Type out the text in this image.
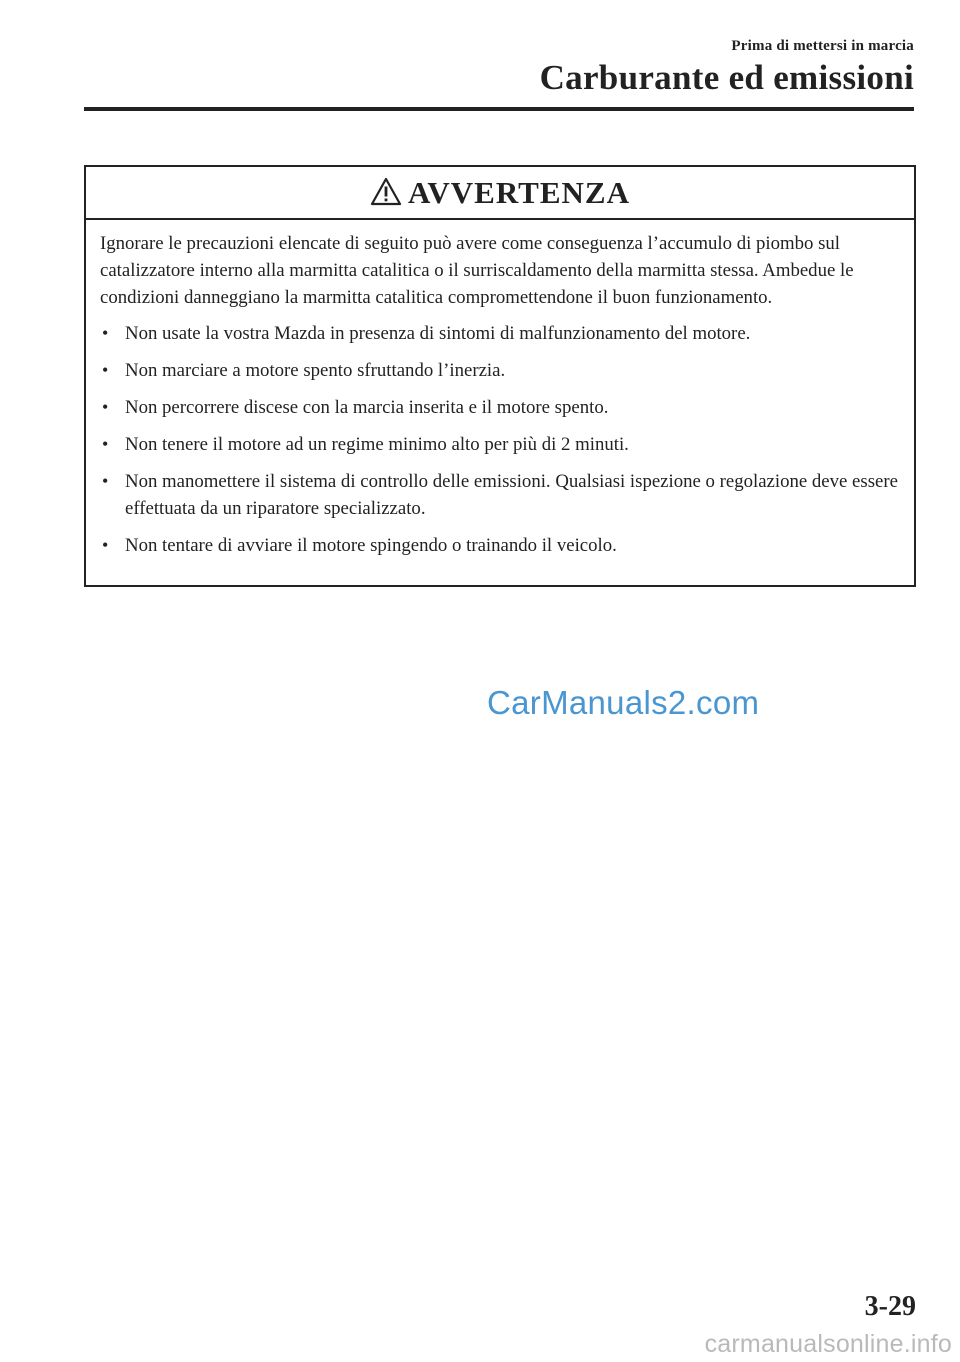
Prima di mettersi in marcia
Carburante ed emissioni
AVVERTENZA

Ignorare le precauzioni elencate di seguito può avere come conseguenza l’accumulo di piombo sul catalizzatore interno alla marmitta catalitica o il surriscaldamento della marmitta stessa. Ambedue le condizioni danneggiano la marmitta catalitica compromettendone il buon funzionamento.

• Non usate la vostra Mazda in presenza di sintomi di malfunzionamento del motore.
• Non marciare a motore spento sfruttando l’inerzia.
• Non percorrere discese con la marcia inserita e il motore spento.
• Non tenere il motore ad un regime minimo alto per più di 2 minuti.
• Non manomettere il sistema di controllo delle emissioni. Qualsiasi ispezione o regolazione deve essere effettuata da un riparatore specializzato.
• Non tentare di avviare il motore spingendo o trainando il veicolo.
CarManuals2.com
3-29
carmanualsonline.info
